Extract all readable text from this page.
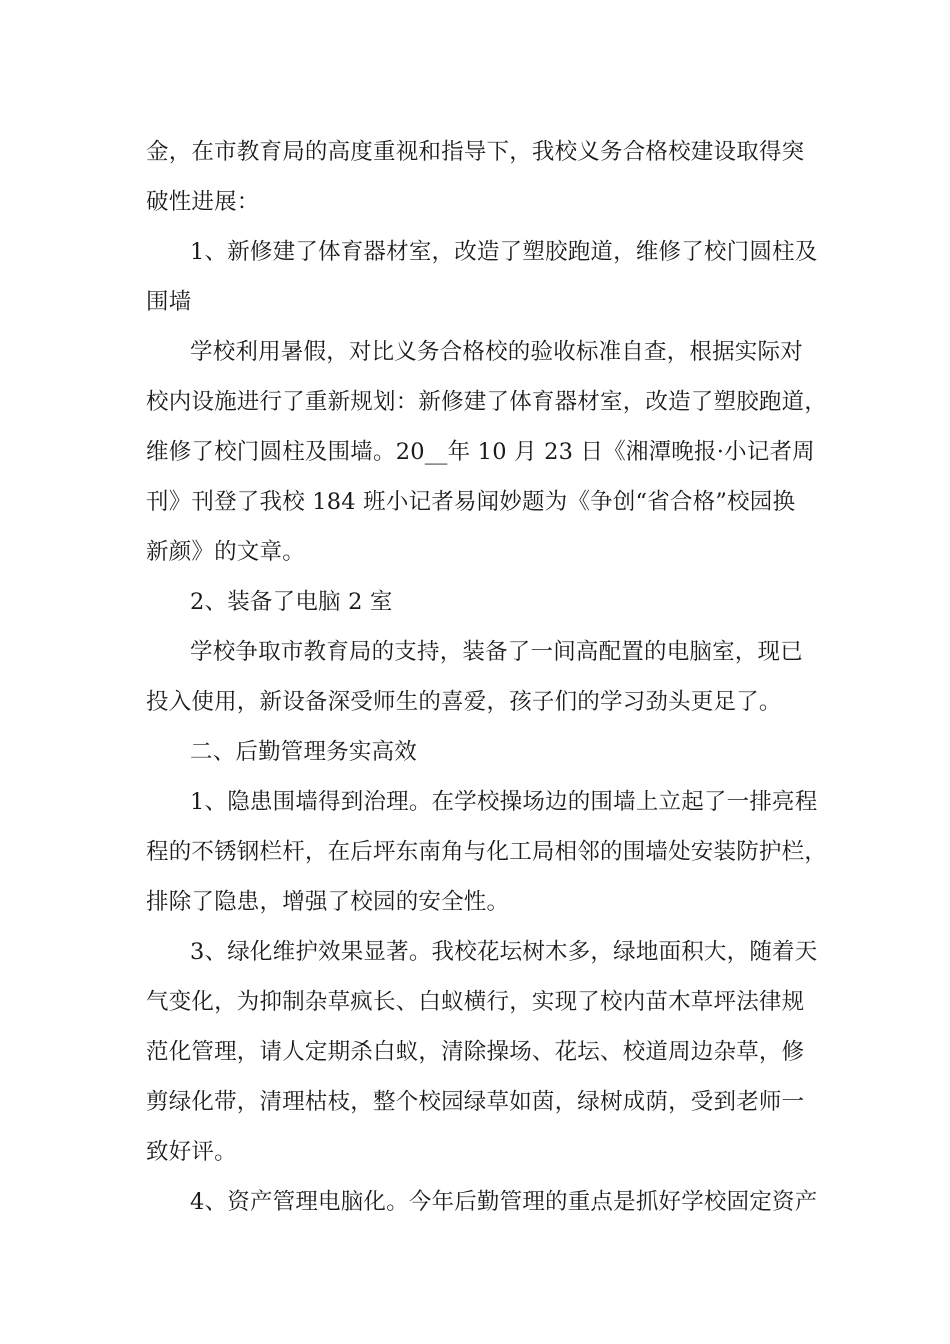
金，在市教育局的高度重视和指导下，我校义务合格校建设取得突
破性进展：
1、新修建了体育器材室，改造了塑胶跑道，维修了校门圆柱及
围墙
学校利用暑假，对比义务合格校的验收标准自查，根据实际对
校内设施进行了重新规划：新修建了体育器材室，改造了塑胶跑道，
维修了校门圆柱及围墙。20__年 10 月 23 日《湘潭晚报·小记者周
刊》刊登了我校 184 班小记者易闻妙题为《争创“省合格”校园换
新颜》的文章。
2、装备了电脑 2 室
学校争取市教育局的支持，装备了一间高配置的电脑室，现已
投入使用，新设备深受师生的喜爱，孩子们的学习劲头更足了。
二、后勤管理务实高效
1、隐患围墙得到治理。在学校操场边的围墙上立起了一排亮程
程的不锈钢栏杆，在后坪东南角与化工局相邻的围墙处安装防护栏，
排除了隐患，增强了校园的安全性。
3、绿化维护效果显著。我校花坛树木多，绿地面积大，随着天
气变化，为抑制杂草疯长、白蚁横行，实现了校内苗木草坪法律规
范化管理，请人定期杀白蚁，清除操场、花坛、校道周边杂草，修
剪绿化带，清理枯枝，整个校园绿草如茵，绿树成荫，受到老师一
致好评。
4、资产管理电脑化。今年后勤管理的重点是抓好学校固定资产
